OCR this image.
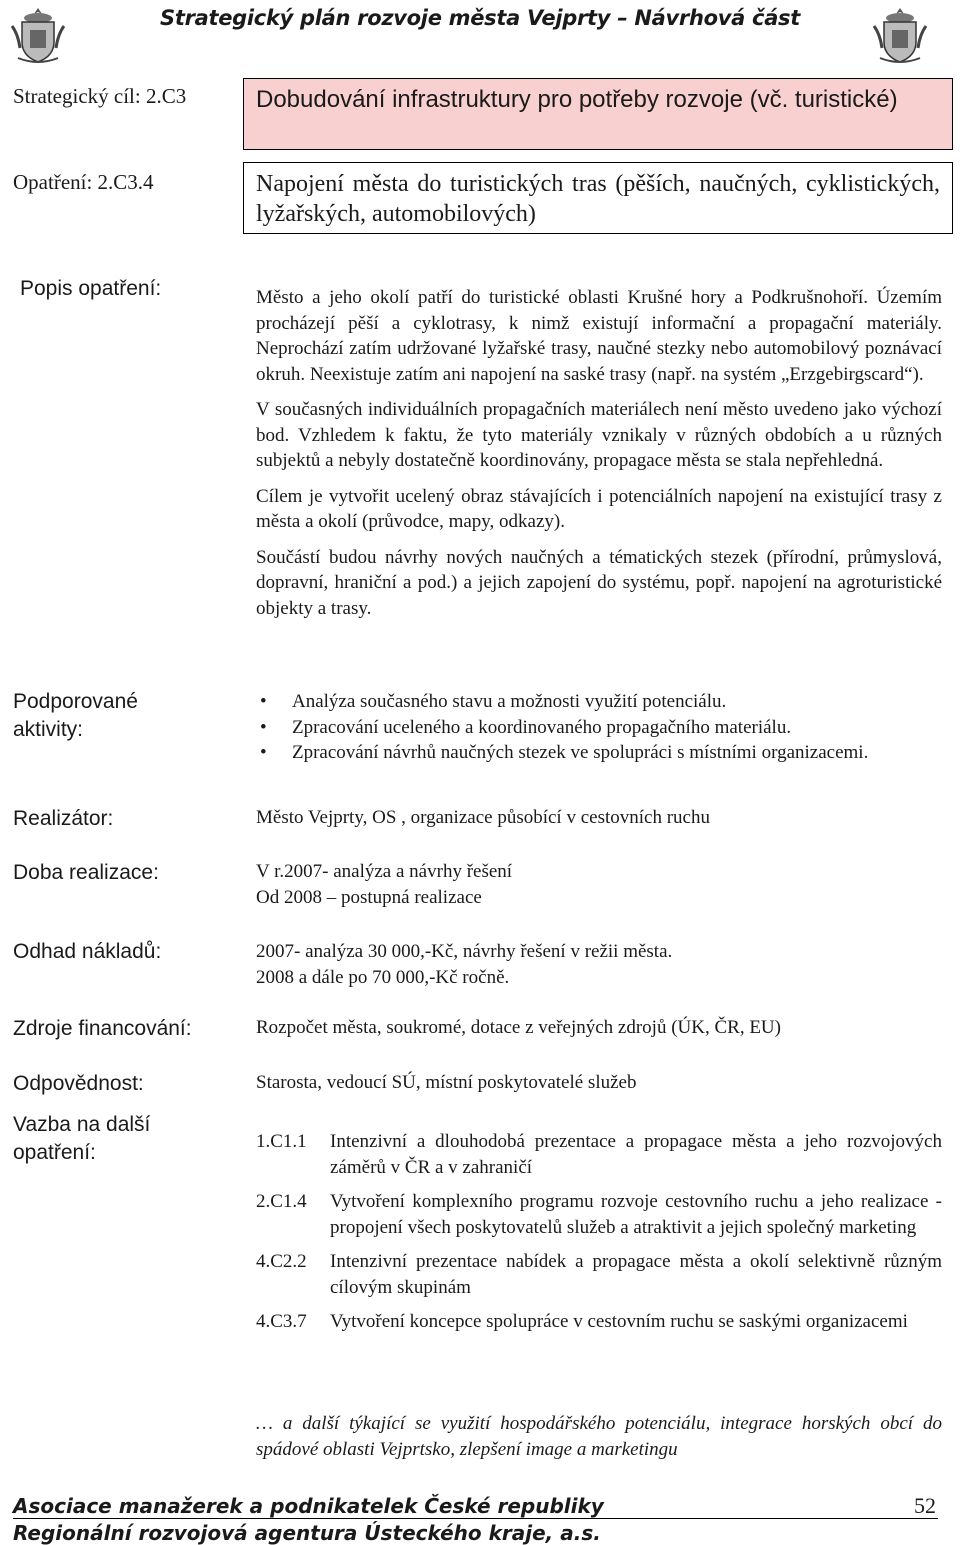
Strategický plán rozvoje města Vejprty – Návrhová část
Strategický cíl: 2.C3	Dobudování infrastruktury pro potřeby rozvoje (vč. turistické)
Opatření: 2.C3.4	Napojení města do turistických tras (pěších, naučných, cyklistických, lyžařských, automobilových)
Popis opatření:	Město a jeho okolí patří do turistické oblasti Krušné hory a Podkrušnohoří. Územím procházejí pěší a cyklotrasy, k nimž existují informační a propagační materiály. Neprochází zatím udržované lyžařské trasy, naučné stezky nebo automobilový poznávací okruh. Neexistuje zatím ani napojení na saské trasy (např. na systém „Erzgebirgscard“).
V současných individuálních propagačních materiálech není město uvedeno jako výchozí bod. Vzhledem k faktu, že tyto materiály vznikaly v různých obdobích a u různých subjektů a nebyly dostatečně koordinovány, propagace města se stala nepřehledná.
Cílem je vytvořit ucelený obraz stávajících i potenciálních napojení na existující trasy z města a okolí (průvodce, mapy, odkazy).
Součástí budou návrhy nových naučných a tématických stezek (přírodní, průmyslová, dopravní, hraniční a pod.) a jejich zapojení do systému, popř. napojení na agroturistické objekty a trasy.
Podporované
aktivity:
• Analýza současného stavu a možnosti využití potenciálu.
• Zpracování uceleného a koordinovaného propagačního materiálu.
• Zpracování návrhů naučných stezek ve spolupráci s místními organizacemi.
Realizátor:	Město Vejprty, OS , organizace působící v cestovních ruchu
Doba realizace:	V r.2007- analýza a návrhy řešení
Od 2008 – postupná realizace
Odhad nákladů:	2007- analýza 30 000,-Kč, návrhy řešení v režii města.
2008 a dále po 70 000,-Kč ročně.
Zdroje financování:	Rozpočet města, soukromé, dotace z veřejných zdrojů (ÚK, ČR, EU)
Odpovědnost:	Starosta, vedoucí SÚ, místní poskytovatelé služeb
Vazba na další
opatření:	1.C1.1 Intenzivní a dlouhodobá prezentace a propagace města a jeho rozvojových záměrů v ČR a v zahraničí
2.C1.4 Vytvoření komplexního programu rozvoje cestovního ruchu a jeho realizace - propojení všech poskytovatelů služeb a atraktivit a jejich společný marketing
4.C2.2 Intenzivní prezentace nabídek a propagace města a okolí selektivně různým cílovým skupinám
4.C3.7 Vytvoření koncepce spolupráce v cestovním ruchu se saskými organizacemi
… a další týkající se využití hospodářského potenciálu, integrace horských obcí do spádové oblasti Vejprtsko, zlepšení image a marketingu
Asociace manažerek a podnikatelek České republiky
Regionální rozvojová agentura Ústeckého kraje, a.s.
52
